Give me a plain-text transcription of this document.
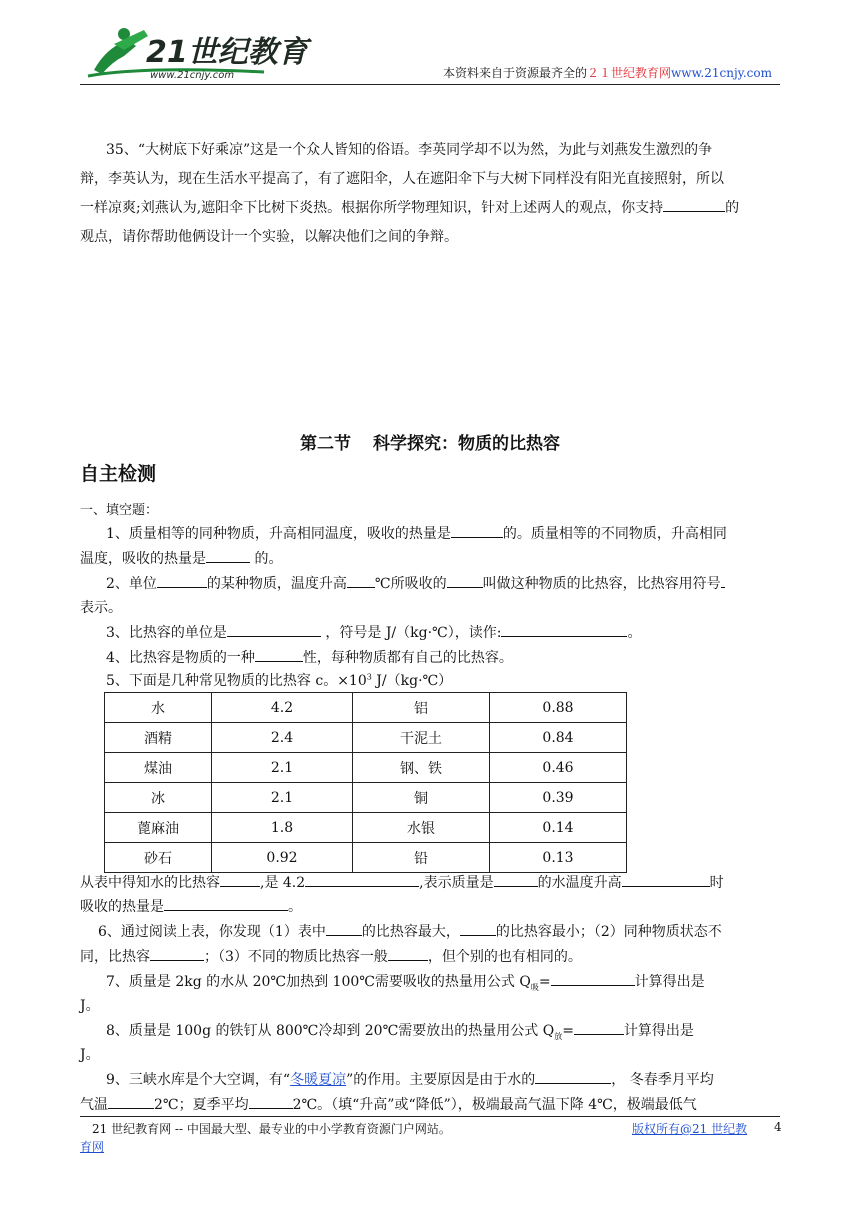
21世纪教育
www.21cnjy.com	本资料来自于资源最齐全的２１世纪教育网www.21cnjy.com
35、“大树底下好乘凉”这是一个众人皆知的俗语。李英同学却不以为然，为此与刘燕发生激烈的争
辩，李英认为，现在生活水平提高了，有了遮阳伞，人在遮阳伞下与大树下同样没有阳光直接照射，所以
一样凉爽;刘燕认为,遮阳伞下比树下炎热。根据你所学物理知识，针对上述两人的观点，你支持	的
观点，请你帮助他俩设计一个实验，以解决他们之间的争辩。
第二节 科学探究：物质的比热容
自主检测
一、填空题：
1、质量相等的同种物质，升高相同温度，吸收的热量是	的。质量相等的不同物质，升高相同
温度，吸收的热量是	的。
2、单位	的某种物质，温度升高 ℃所吸收的	叫做这种物质的比热容，比热容用符号
表示。
3、比热容的单位是	，符号是 J/（kg·℃），读作:	。
4、比热容是物质的一种	性，每种物质都有自己的比热容。
5、下面是几种常见物质的比热容 c。$\times 10^3$ J/（kg·℃）
水	4.2	铝	0.88
酒精	2.4	干泥土	0.84
煤油	2.1	钢、铁	0.46
冰	2.1	铜	0.39
蓖麻油	1.8	水银	0.14
砂石	0.92	铅	0.13
从表中得知水的比热容	,是 4.2	,表示质量是	的水温度升高	时
吸收的热量是	。
6、通过阅读上表，你发现（1）表中	的比热容最大，	的比热容最小；（2）同种物质状态不
同，比热容	；（3）不同的物质比热容一般	，但个别的也有相同的。
7、质量是 2kg 的水从 20℃加热到 100℃需要吸收的热量用公式 $Q_吸=$	计算得出是
J。
8、质量是 100g 的铁钉从 800℃冷却到 20℃需要放出的热量用公式 $Q_放=$	计算得出是
J。
9、三峡水库是个大空调，有“冬暖夏凉”的作用。主要原因是由于水的	， 冬春季月平均
气温	2℃；夏季平均	2℃。（填“升高”或“降低”），极端最高气温下降 4℃，极端最低气
21 世纪教育网 -- 中国最大型、最专业的中小学教育资源门户网站。	版权所有@21 世纪教 4
育网
